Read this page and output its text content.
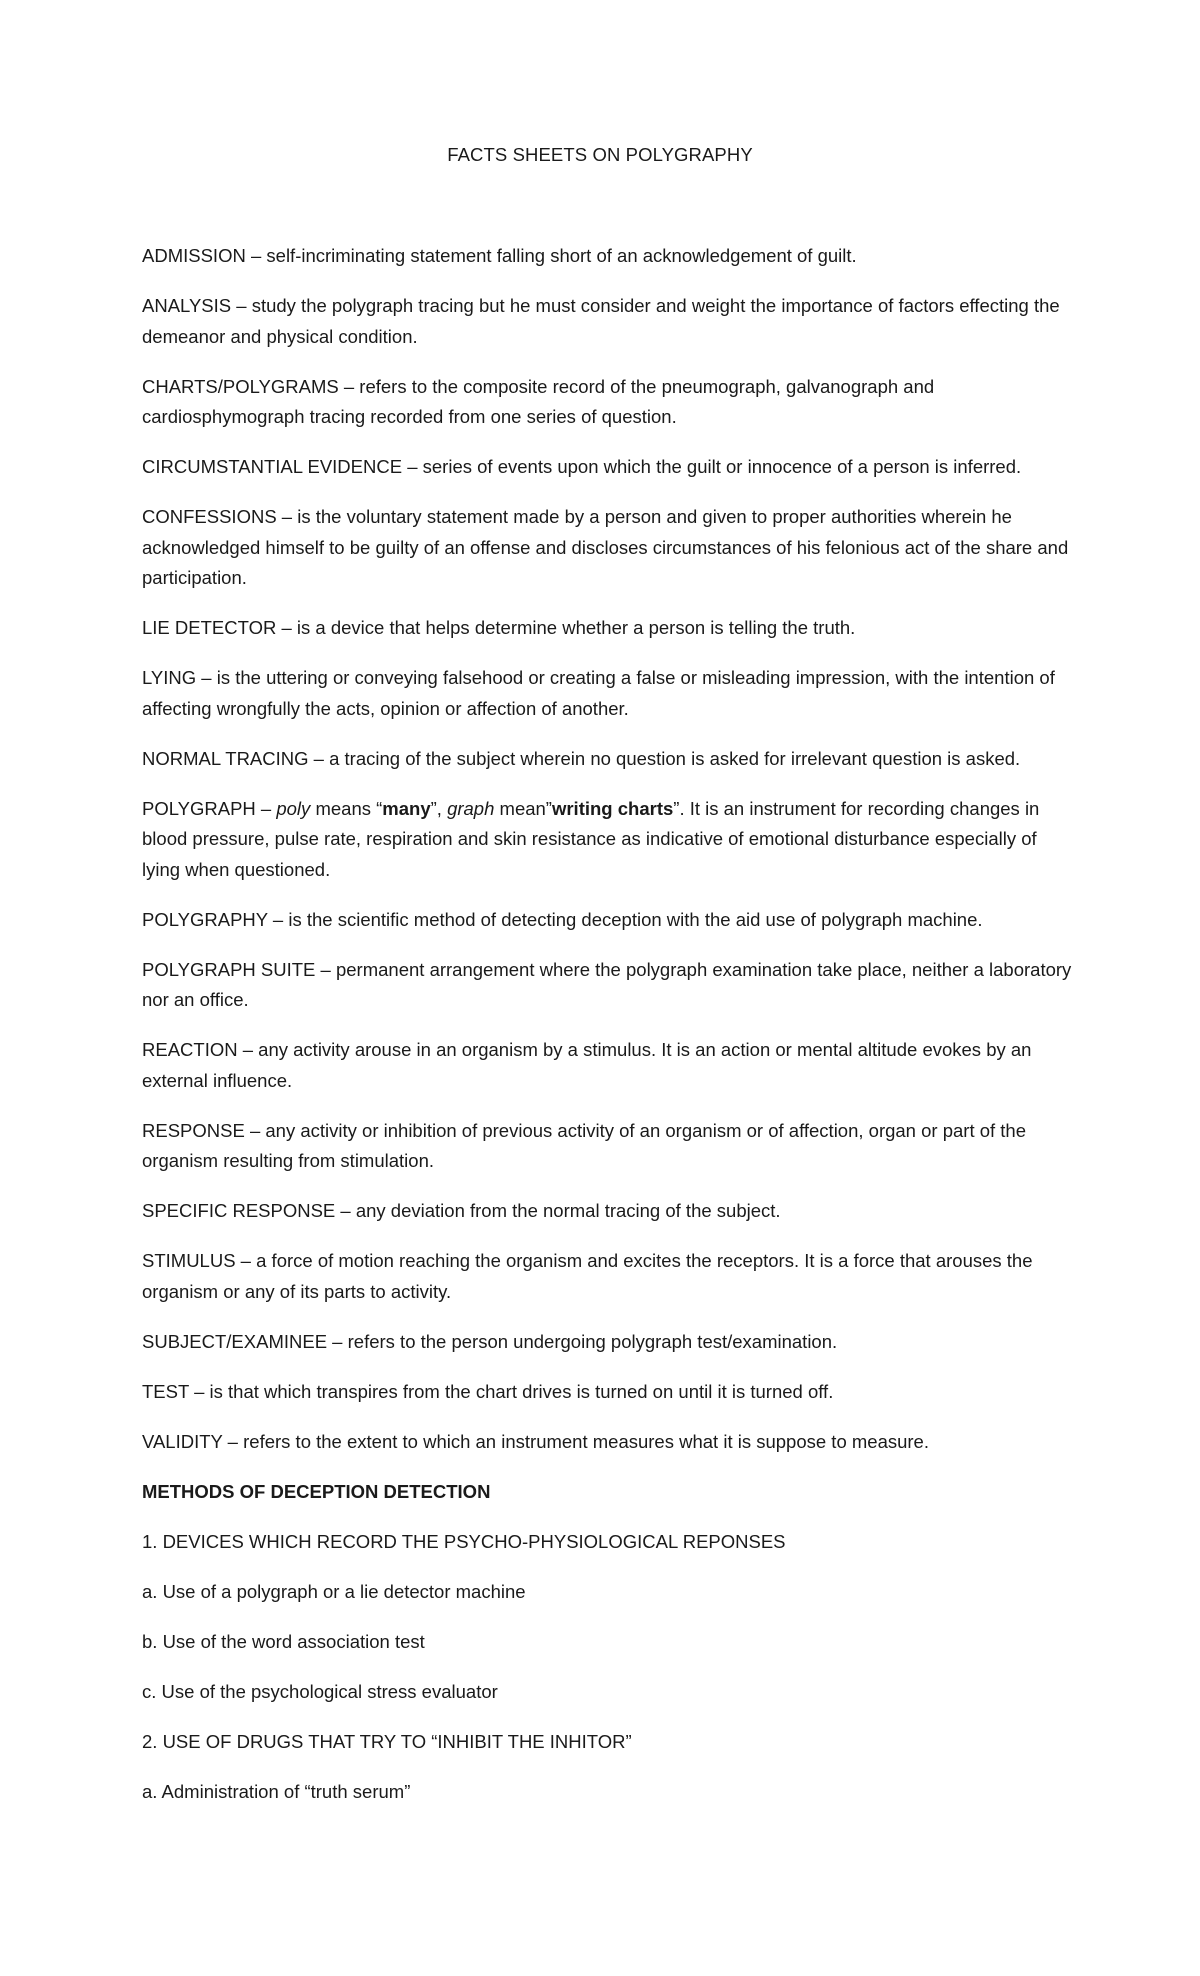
FACTS SHEETS ON POLYGRAPHY

ADMISSION – self-incriminating statement falling short of an acknowledgement of guilt.

ANALYSIS – study the polygraph tracing but he must consider and weight the importance of factors effecting the demeanor and physical condition.

CHARTS/POLYGRAMS – refers to the composite record of the pneumograph, galvanograph and cardiosphymograph tracing recorded from one series of question.

CIRCUMSTANTIAL EVIDENCE – series of events upon which the guilt or innocence of a person is inferred.

CONFESSIONS – is the voluntary statement made by a person and given to proper authorities wherein he acknowledged himself to be guilty of an offense and discloses circumstances of his felonious act of the share and participation.

LIE DETECTOR – is a device that helps determine whether a person is telling the truth.

LYING – is the uttering or conveying falsehood or creating a false or misleading impression, with the intention of affecting wrongfully the acts, opinion or affection of another.

NORMAL TRACING – a tracing of the subject wherein no question is asked for irrelevant question is asked.

POLYGRAPH – poly means “many”, graph mean”writing charts”. It is an instrument for recording changes in blood pressure, pulse rate, respiration and skin resistance as indicative of emotional disturbance especially of lying when questioned.

POLYGRAPHY – is the scientific method of detecting deception with the aid use of polygraph machine.

POLYGRAPH SUITE – permanent arrangement where the polygraph examination take place, neither a laboratory nor an office.

REACTION – any activity arouse in an organism by a stimulus. It is an action or mental altitude evokes by an external influence.

RESPONSE – any activity or inhibition of previous activity of an organism or of affection, organ or part of the organism resulting from stimulation.

SPECIFIC RESPONSE – any deviation from the normal tracing of the subject.

STIMULUS – a force of motion reaching the organism and excites the receptors. It is a force that arouses the organism or any of its parts to activity.

SUBJECT/EXAMINEE – refers to the person undergoing polygraph test/examination.

TEST – is that which transpires from the chart drives is turned on until it is turned off.

VALIDITY – refers to the extent to which an instrument measures what it is suppose to measure.

METHODS OF DECEPTION DETECTION

1. DEVICES WHICH RECORD THE PSYCHO-PHYSIOLOGICAL REPONSES

a. Use of a polygraph or a lie detector machine

b. Use of the word association test

c. Use of the psychological stress evaluator

2. USE OF DRUGS THAT TRY TO “INHIBIT THE INHITOR”

a. Administration of “truth serum”
